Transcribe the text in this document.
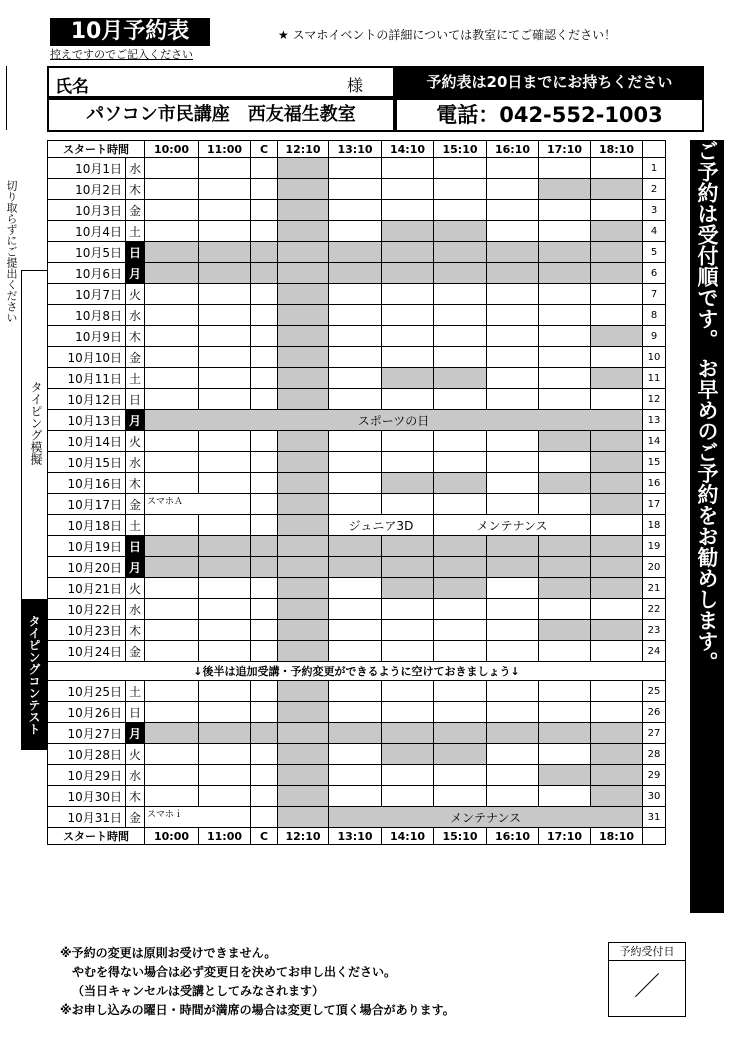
10月予約表
控えですのでご記入ください
★ スマホイベントの詳細については教室にてご確認ください！
氏名	様	予約表は20日までにお持ちください
パソコン市民講座　西友福生教室	電話：042-552-1003
切り取らずにご提出ください
タイピング模擬
タイピングコンテスト
スタート時間		10:00	11:00	C	12:10	13:10	14:10	15:10	16:10	17:10	18:10	
10月1日	水											1
10月2日	木											2
10月3日	金											3
10月4日	土											4
10月5日	日											5
10月6日	月											6
10月7日	火											7
10月8日	水											8
10月9日	木											9
10月10日	金											10
10月11日	土											11
10月12日	日											12
10月13日	月	スポーツの日										13
10月14日	火											14
10月15日	水											15
10月16日	木											16
10月17日	金	スマホＡ										17
10月18日	土					ジュニア3D		メンテナンス				18
10月19日	日											19
10月20日	月											20
10月21日	火											21
10月22日	水											22
10月23日	木											23
10月24日	金											24
↓後半は追加受講・予約変更ができるように空けておきましょう↓												
10月25日	土											25
10月26日	日											26
10月27日	月											27
10月28日	火											28
10月29日	水											29
10月30日	木											30
10月31日	金	スマホｉ				メンテナンス						31
スタート時間		10:00	11:00	C	12:10	13:10	14:10	15:10	16:10	17:10	18:10	
ご予約は受付順です。 お早めのご予約をお勧めします。
※予約の変更は原則お受けできません。
やむを得ない場合は必ず変更日を決めてお申し出ください。
（当日キャンセルは受講としてみなされます）
※お申し込みの曜日・時間が満席の場合は変更して頂く場合があります。
予約受付日
／
